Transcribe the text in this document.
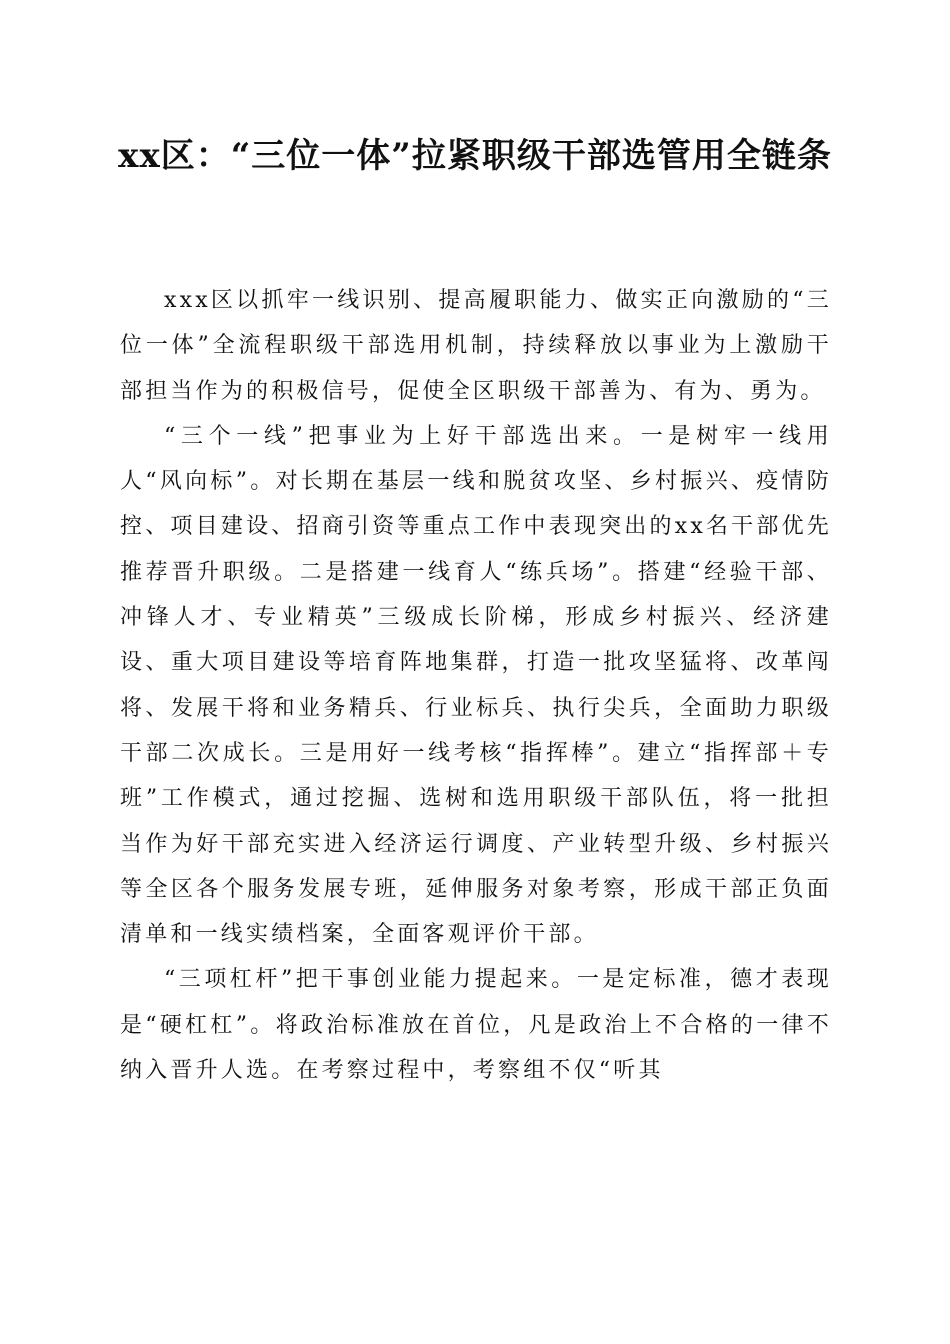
xx区：“三位一体”拉紧职级干部选管用全链条

xxx区以抓牢一线识别、提高履职能力、做实正向激励的“三位一体”全流程职级干部选用机制，持续释放以事业为上激励干部担当作为的积极信号，促使全区职级干部善为、有为、勇为。

“三个一线”把事业为上好干部选出来。一是树牢一线用人“风向标”。对长期在基层一线和脱贫攻坚、乡村振兴、疫情防控、项目建设、招商引资等重点工作中表现突出的xx名干部优先推荐晋升职级。二是搭建一线育人“练兵场”。搭建“经验干部、冲锋人才、专业精英”三级成长阶梯，形成乡村振兴、经济建设、重大项目建设等培育阵地集群，打造一批攻坚猛将、改革闯将、发展干将和业务精兵、行业标兵、执行尖兵，全面助力职级干部二次成长。三是用好一线考核“指挥棒”。建立“指挥部＋专班”工作模式，通过挖掘、选树和选用职级干部队伍，将一批担当作为好干部充实进入经济运行调度、产业转型升级、乡村振兴等全区各个服务发展专班，延伸服务对象考察，形成干部正负面清单和一线实绩档案，全面客观评价干部。

“三项杠杆”把干事创业能力提起来。一是定标准，德才表现是“硬杠杠”。将政治标准放在首位，凡是政治上不合格的一律不纳入晋升人选。在考察过程中，考察组不仅“听其
